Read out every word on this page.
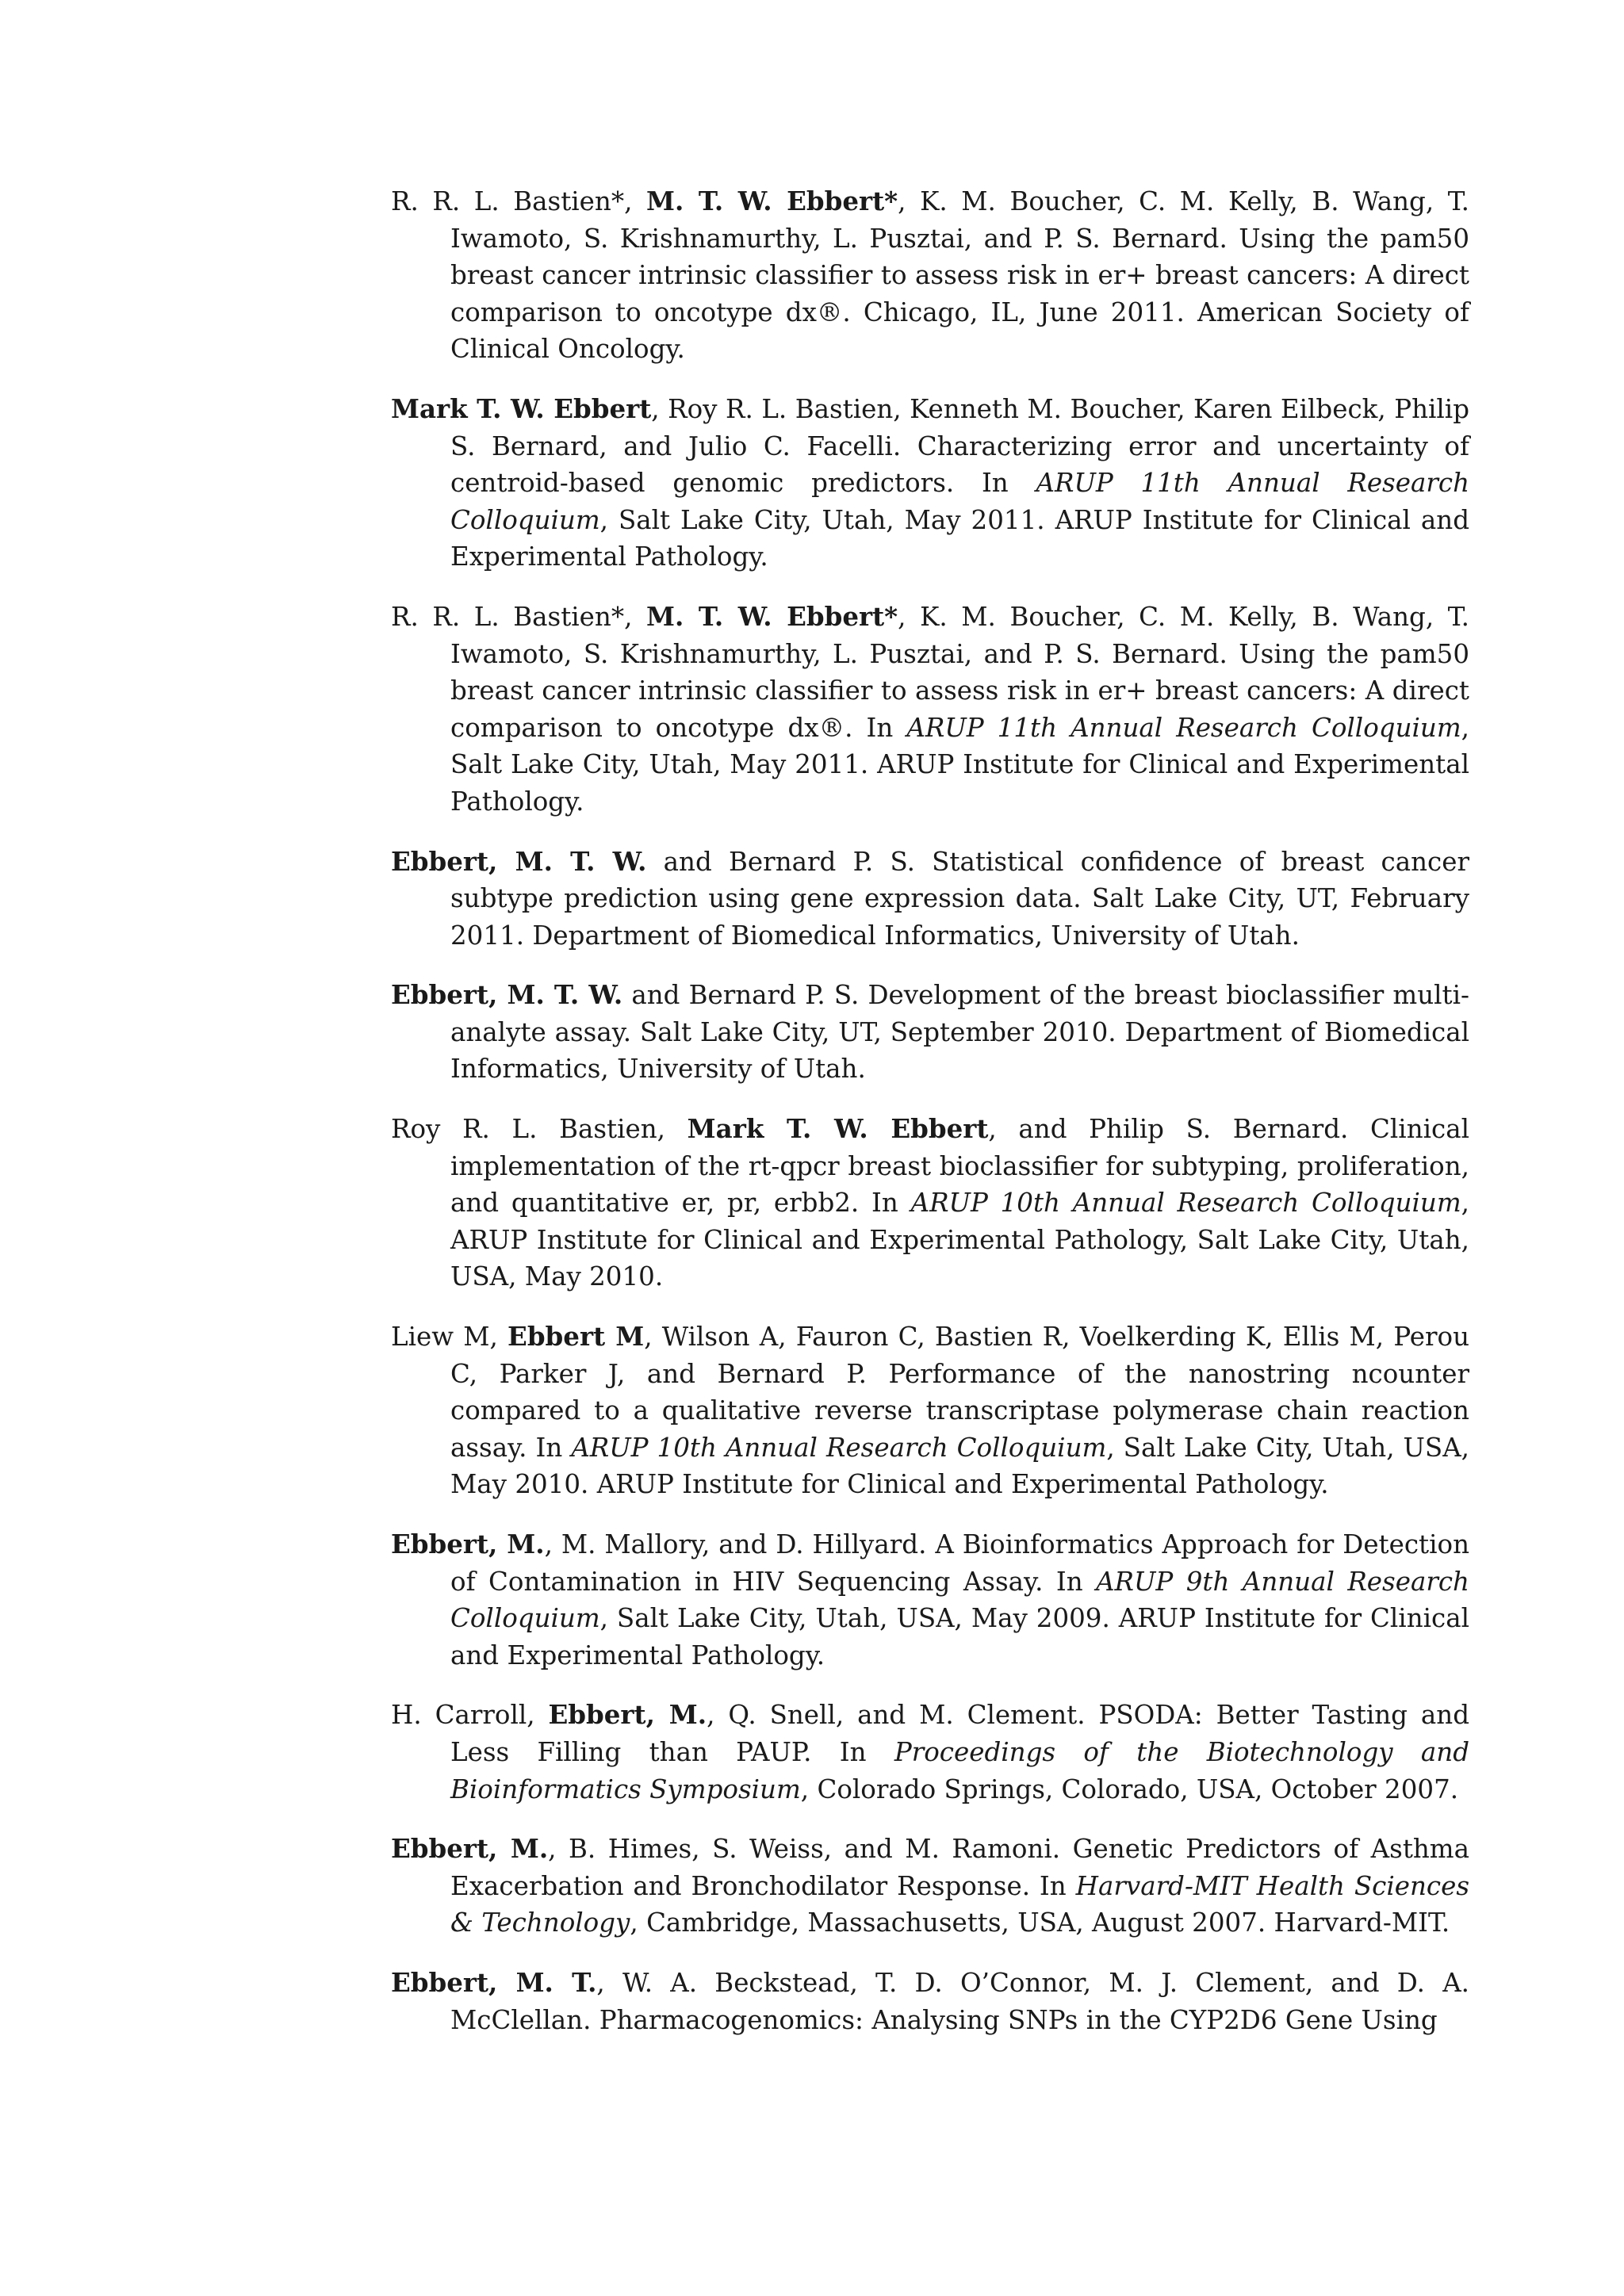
R. R. L. Bastien*, M. T. W. Ebbert*, K. M. Boucher, C. M. Kelly, B. Wang, T. Iwamoto, S. Krishnamurthy, L. Pusztai, and P. S. Bernard. Using the pam50 breast cancer intrinsic classifier to assess risk in er+ breast cancers: A direct comparison to oncotype dx®. Chicago, IL, June 2011. American Society of Clinical Oncology.

Mark T. W. Ebbert, Roy R. L. Bastien, Kenneth M. Boucher, Karen Eilbeck, Philip S. Bernard, and Julio C. Facelli. Characterizing error and uncertainty of centroid-based genomic predictors. In ARUP 11th Annual Research Colloquium, Salt Lake City, Utah, May 2011. ARUP Institute for Clinical and Experimental Pathology.

R. R. L. Bastien*, M. T. W. Ebbert*, K. M. Boucher, C. M. Kelly, B. Wang, T. Iwamoto, S. Krishnamurthy, L. Pusztai, and P. S. Bernard. Using the pam50 breast cancer intrinsic classifier to assess risk in er+ breast cancers: A direct comparison to oncotype dx®. In ARUP 11th Annual Research Colloquium, Salt Lake City, Utah, May 2011. ARUP Institute for Clinical and Experimental Pathology.

Ebbert, M. T. W. and Bernard P. S. Statistical confidence of breast cancer subtype prediction using gene expression data. Salt Lake City, UT, February 2011. Department of Biomedical Informatics, University of Utah.

Ebbert, M. T. W. and Bernard P. S. Development of the breast bioclassifier multi-analyte assay. Salt Lake City, UT, September 2010. Department of Biomedical Informatics, University of Utah.

Roy R. L. Bastien, Mark T. W. Ebbert, and Philip S. Bernard. Clinical implementation of the rt-qpcr breast bioclassifier for subtyping, proliferation, and quantitative er, pr, erbb2. In ARUP 10th Annual Research Colloquium, ARUP Institute for Clinical and Experimental Pathology, Salt Lake City, Utah, USA, May 2010.

Liew M, Ebbert M, Wilson A, Fauron C, Bastien R, Voelkerding K, Ellis M, Perou C, Parker J, and Bernard P. Performance of the nanostring ncounter compared to a qualitative reverse transcriptase polymerase chain reaction assay. In ARUP 10th Annual Research Colloquium, Salt Lake City, Utah, USA, May 2010. ARUP Institute for Clinical and Experimental Pathology.

Ebbert, M., M. Mallory, and D. Hillyard. A Bioinformatics Approach for Detection of Contamination in HIV Sequencing Assay. In ARUP 9th Annual Research Colloquium, Salt Lake City, Utah, USA, May 2009. ARUP Institute for Clinical and Experimental Pathology.

H. Carroll, Ebbert, M., Q. Snell, and M. Clement. PSODA: Better Tasting and Less Filling than PAUP. In Proceedings of the Biotechnology and Bioinformatics Symposium, Colorado Springs, Colorado, USA, October 2007.

Ebbert, M., B. Himes, S. Weiss, and M. Ramoni. Genetic Predictors of Asthma Exacerbation and Bronchodilator Response. In Harvard-MIT Health Sciences & Technology, Cambridge, Massachusetts, USA, August 2007. Harvard-MIT.

Ebbert, M. T., W. A. Beckstead, T. D. O’Connor, M. J. Clement, and D. A. McClellan. Pharmacogenomics: Analysing SNPs in the CYP2D6 Gene Using
